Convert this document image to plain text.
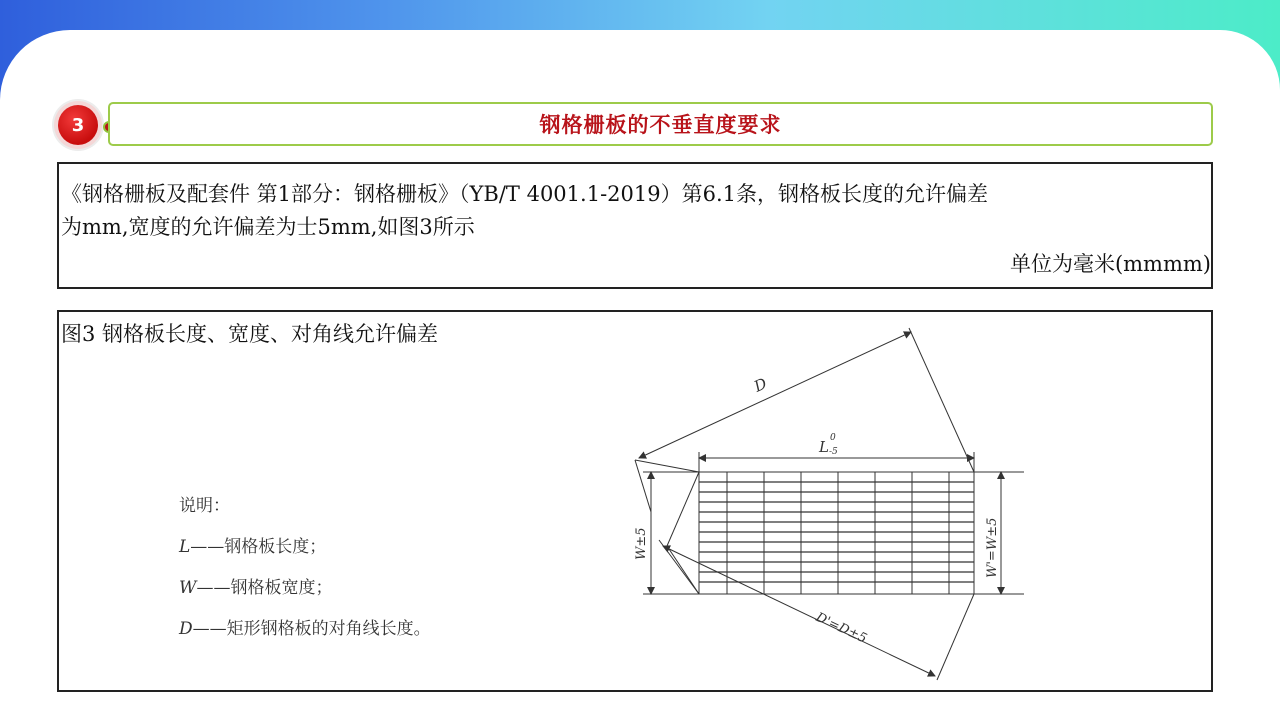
3	钢格栅板的不垂直度要求
《钢格栅板及配套件 第1部分：钢格栅板》（YB/T 4001.1-2019）第6.1条，钢格板长度的允许偏差
为mm,宽度的允许偏差为士5mm,如图3所示
单位为毫米(mmmm)
图3 钢格板长度、宽度、对角线允许偏差
说明：
L——钢格板长度；
W——钢格板宽度；
D——矩形钢格板的对角线长度。
D
L 0
-5
W±5	W'=W±5
D'=D±5
